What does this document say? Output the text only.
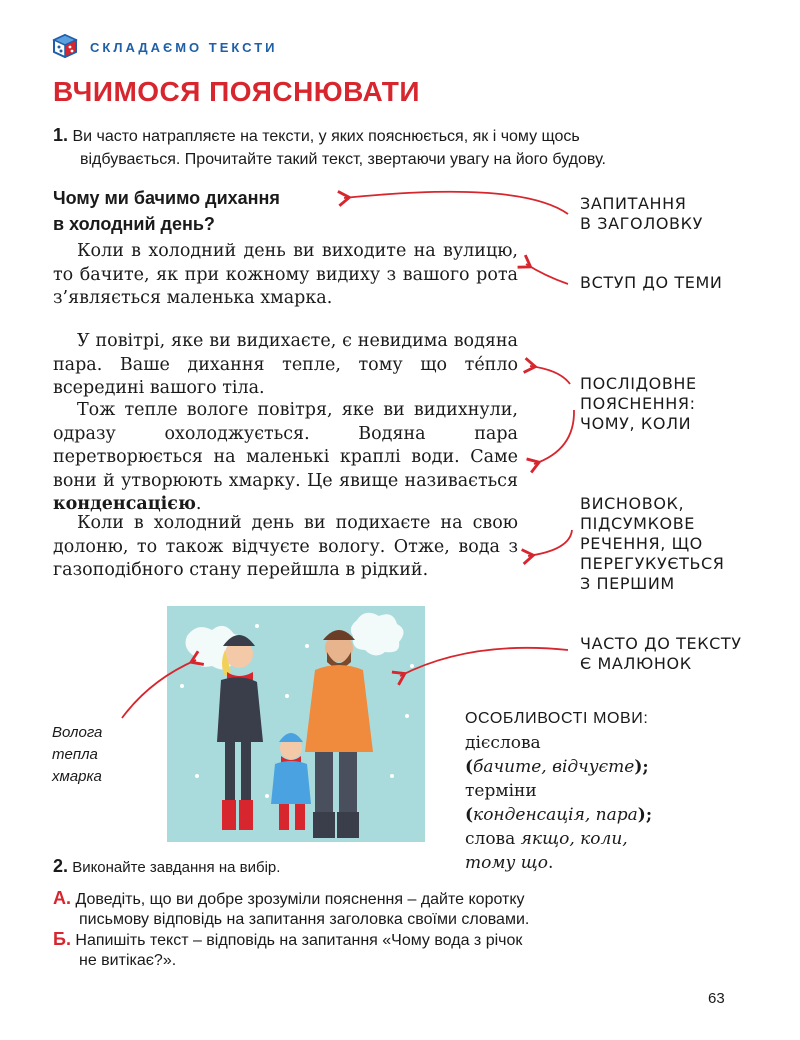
СКЛАДАЄМО ТЕКСТИ
ВЧИМОСЯ ПОЯСНЮВАТИ
1. Ви часто натрапляєте на тексти, у яких пояснюється, як і чому щось
відбувається. Прочитайте такий текст, звертаючи увагу на його будову.
Чому ми бачимо дихання
в холодний день?
Коли в холодний день ви виходите на вулицю, то бачите, як при кожному видиху з вашого рота з’являється маленька хмарка.
У повітрі, яке ви видихаєте, є невидима водяна пара. Ваше дихання тепле, тому що тéпло всередині вашого тіла.
Тож тепле вологе повітря, яке ви видихнули, одразу охолоджується. Водяна пара перетворюється на маленькі краплі води. Саме вони й утворюють хмарку. Це явище називається конденсацією.
Коли в холодний день ви подихаєте на свою долоню, то також відчуєте вологу. Отже, вода з газоподібного стану перейшла в рідкий.
ЗАПИТАННЯ
В ЗАГОЛОВКУ
ВСТУП ДО ТЕМИ
ПОСЛІДОВНЕ
ПОЯСНЕННЯ:
ЧОМУ, КОЛИ
ВИСНОВОК,
ПІДСУМКОВЕ
РЕЧЕННЯ, ЩО
ПЕРЕГУКУЄТЬСЯ
З ПЕРШИМ
ЧАСТО ДО ТЕКСТУ
Є МАЛЮНОК
Волога
тепла
хмарка
ОСОБЛИВОСТІ МОВИ:
дієслова
(бачите, відчуєте);
терміни
(конденсація, пара);
слова якщо, коли,
тому що.
2. Виконайте завдання на вибір.
А. Доведіть, що ви добре зрозуміли пояснення – дайте коротку
письмову відповідь на запитання заголовка своїми словами.
Б. Напишіть текст – відповідь на запитання «Чому вода з річок
не витікає?».
63
